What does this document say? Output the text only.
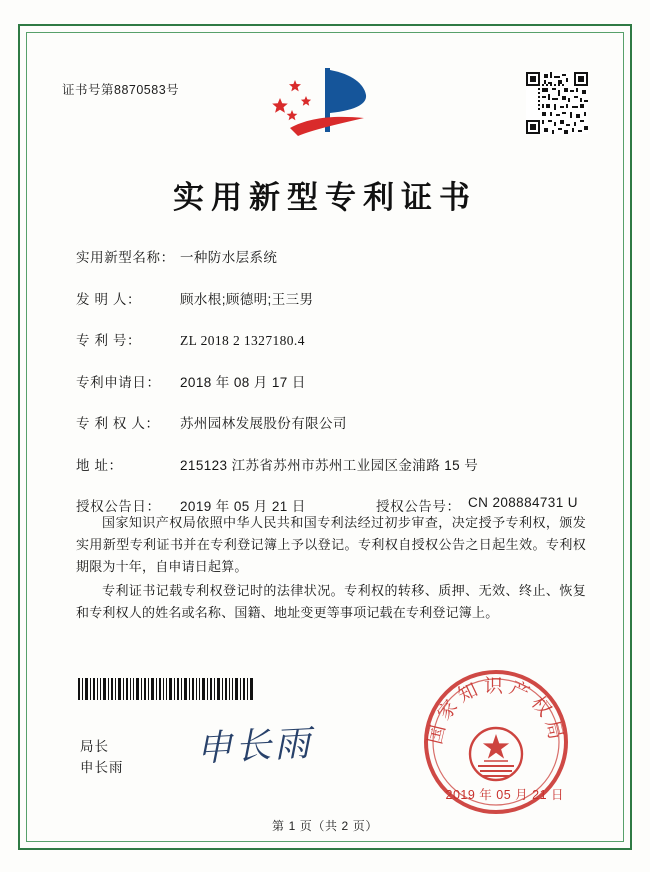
证书号第8870583号
实用新型专利证书
实用新型名称： 一种防水层系统
发 明 人：	顾水根;顾德明;王三男
专 利 号：	ZL 2018 2 1327180.4
专利申请日：	2018 年 08 月 17 日
专 利 权 人：	苏州园林发展股份有限公司
地 址：	215123 江苏省苏州市苏州工业园区金浦路 15 号
授权公告日：	2019 年 05 月 21 日	授权公告号： CN 208884731 U

国家知识产权局依照中华人民共和国专利法经过初步审查，决定授予专利权，颁发实用新型专利证书并在专利登记簿上予以登记。专利权自授权公告之日起生效。专利权期限为十年，自申请日起算。

专利证书记载专利权登记时的法律状况。专利权的转移、质押、无效、终止、恢复和专利权人的姓名或名称、国籍、地址变更等事项记载在专利登记簿上。

局长
申长雨 申长雨	国家知识产权局
2019 年 05 月 21 日
第 1 页（共 2 页）
